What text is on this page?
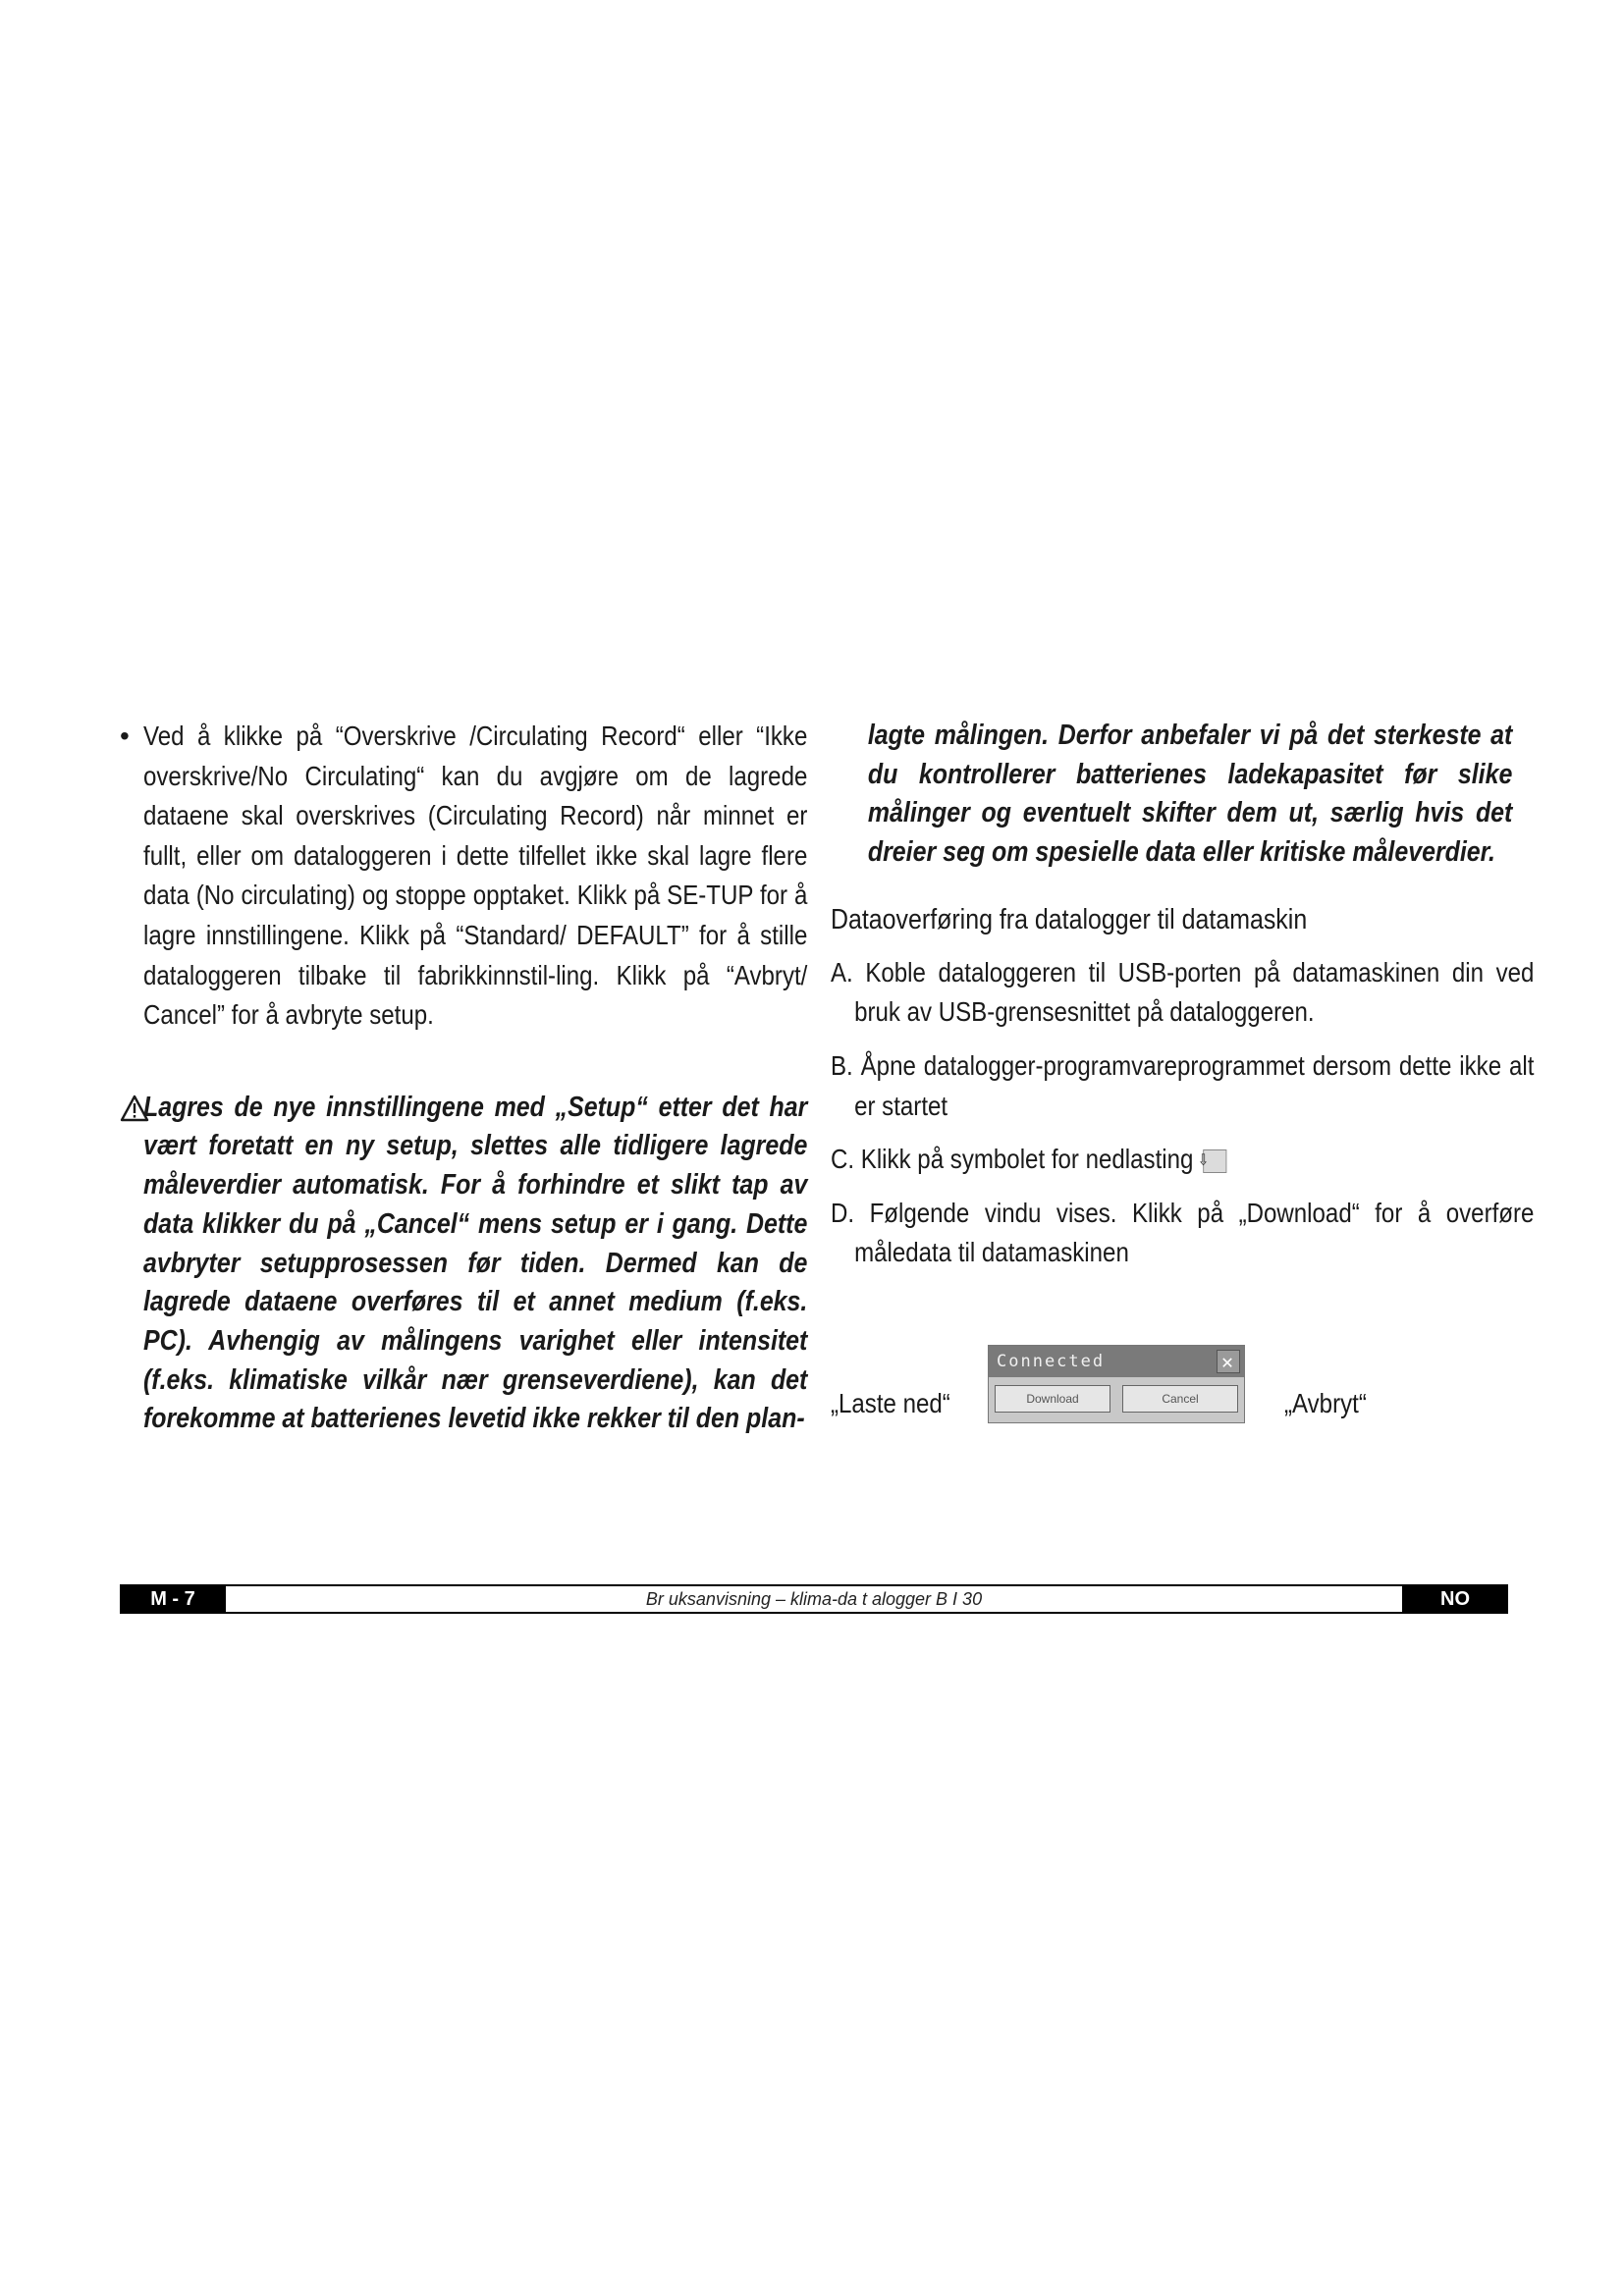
• Ved å klikke på “Overskrive /Circulating Record“ eller “Ikke overskrive/No Circulating“ kan du avgjøre om de lagrede dataene skal overskrives (Circulating Record) når minnet er fullt, eller om dataloggeren i dette tilfellet ikke skal lagre flere data (No circulating) og stoppe opptaket. Klikk på SE-TUP for å lagre innstillingene. Klikk på “Standard/ DEFAULT” for å stille dataloggeren tilbake til fabrikkinnstil-ling. Klikk på “Avbryt/ Cancel” for å avbryte setup.

Lagres de nye innstillingene med „Setup“ etter det har vært foretatt en ny setup, slettes alle tidligere lagrede måleverdier automatisk. For å forhindre et slikt tap av data klikker du på „Cancel“ mens setup er i gang. Dette avbryter setupprosessen før tiden. Dermed kan de lagrede dataene overføres til et annet medium (f.eks. PC). Avhengig av målingens varighet eller intensitet (f.eks. klimatiske vilkår nær grenseverdiene), kan det forekomme at batterienes levetid ikke rekker til den plan-

lagte målingen. Derfor anbefaler vi på det sterkeste at du kontrollerer batterienes ladekapasitet før slike målinger og eventuelt skifter dem ut, særlig hvis det dreier seg om spesielle data eller kritiske måleverdier.

Dataoverføring fra datalogger til datamaskin

A. Koble dataloggeren til USB-porten på datamaskinen din ved bruk av USB-grensesnittet på dataloggeren.

B. Åpne datalogger-programvareprogrammet dersom dette ikke alt er startet

C. Klikk på symbolet for nedlasting ⇩

D. Følgende vindu vises. Klikk på „Download“ for å overføre måledata til datamaskinen

„Laste ned“
Connected	✕
Download	Cancel	„Avbryt“
M - 7	Br uksanvisning – klima-da t alogger B I 30	NO
